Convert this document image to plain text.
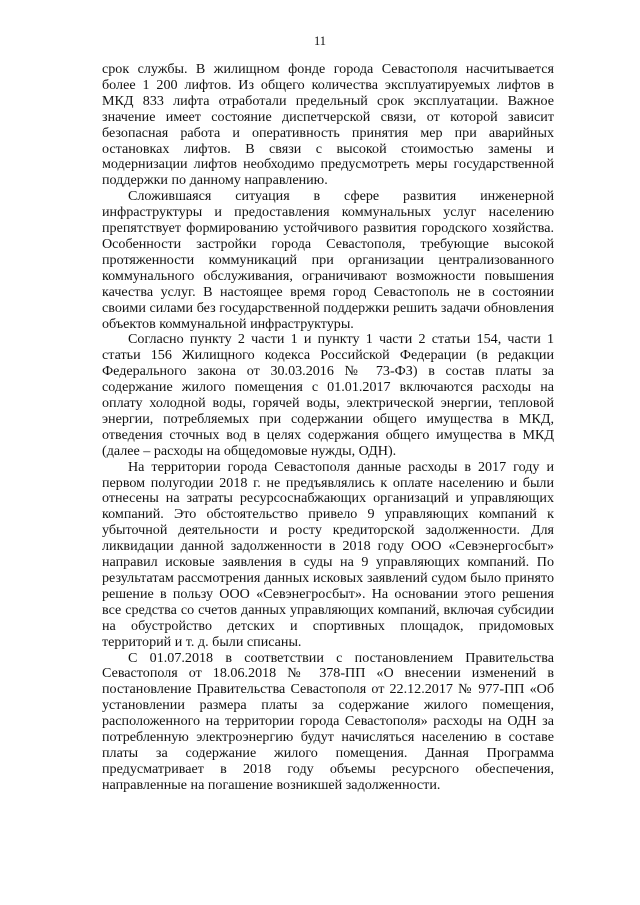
11

срок службы. В жилищном фонде города Севастополя насчитывается более 1 200 лифтов. Из общего количества эксплуатируемых лифтов в МКД 833 лифта отработали предельный срок эксплуатации. Важное значение имеет состояние диспетчерской связи, от которой зависит безопасная работа и оперативность принятия мер при аварийных остановках лифтов. В связи с высокой стоимостью замены и модернизации лифтов необходимо предусмотреть меры государственной поддержки по данному направлению.

Сложившаяся ситуация в сфере развития инженерной инфраструктуры и предоставления коммунальных услуг населению препятствует формированию устойчивого развития городского хозяйства. Особенности застройки города Севастополя, требующие высокой протяженности коммуникаций при организации централизованного коммунального обслуживания, ограничивают возможности повышения качества услуг. В настоящее время город Севастополь не в состоянии своими силами без государственной поддержки решить задачи обновления объектов коммунальной инфраструктуры.

Согласно пункту 2 части 1 и пункту 1 части 2 статьи 154, части 1 статьи 156 Жилищного кодекса Российской Федерации (в редакции Федерального закона от 30.03.2016 № 73-ФЗ) в состав платы за содержание жилого помещения с 01.01.2017 включаются расходы на оплату холодной воды, горячей воды, электрической энергии, тепловой энергии, потребляемых при содержании общего имущества в МКД, отведения сточных вод в целях содержания общего имущества в МКД (далее – расходы на общедомовые нужды, ОДН).

На территории города Севастополя данные расходы в 2017 году и первом полугодии 2018 г. не предъявлялись к оплате населению и были отнесены на затраты ресурсоснабжающих организаций и управляющих компаний. Это обстоятельство привело 9 управляющих компаний к убыточной деятельности и росту кредиторской задолженности. Для ликвидации данной задолженности в 2018 году ООО «Севэнергосбыт» направил исковые заявления в суды на 9 управляющих компаний. По результатам рассмотрения данных исковых заявлений судом было принято решение в пользу ООО «Севэнегросбыт». На основании этого решения все средства со счетов данных управляющих компаний, включая субсидии на обустройство детских и спортивных площадок, придомовых территорий и т. д. были списаны.

С 01.07.2018 в соответствии с постановлением Правительства Севастополя от 18.06.2018 № 378-ПП «О внесении изменений в постановление Правительства Севастополя от 22.12.2017 № 977-ПП «Об установлении размера платы за содержание жилого помещения, расположенного на территории города Севастополя» расходы на ОДН за потребленную электроэнергию будут начисляться населению в составе платы за содержание жилого помещения. Данная Программа предусматривает в 2018 году объемы ресурсного обеспечения, направленные на погашение возникшей задолженности.
